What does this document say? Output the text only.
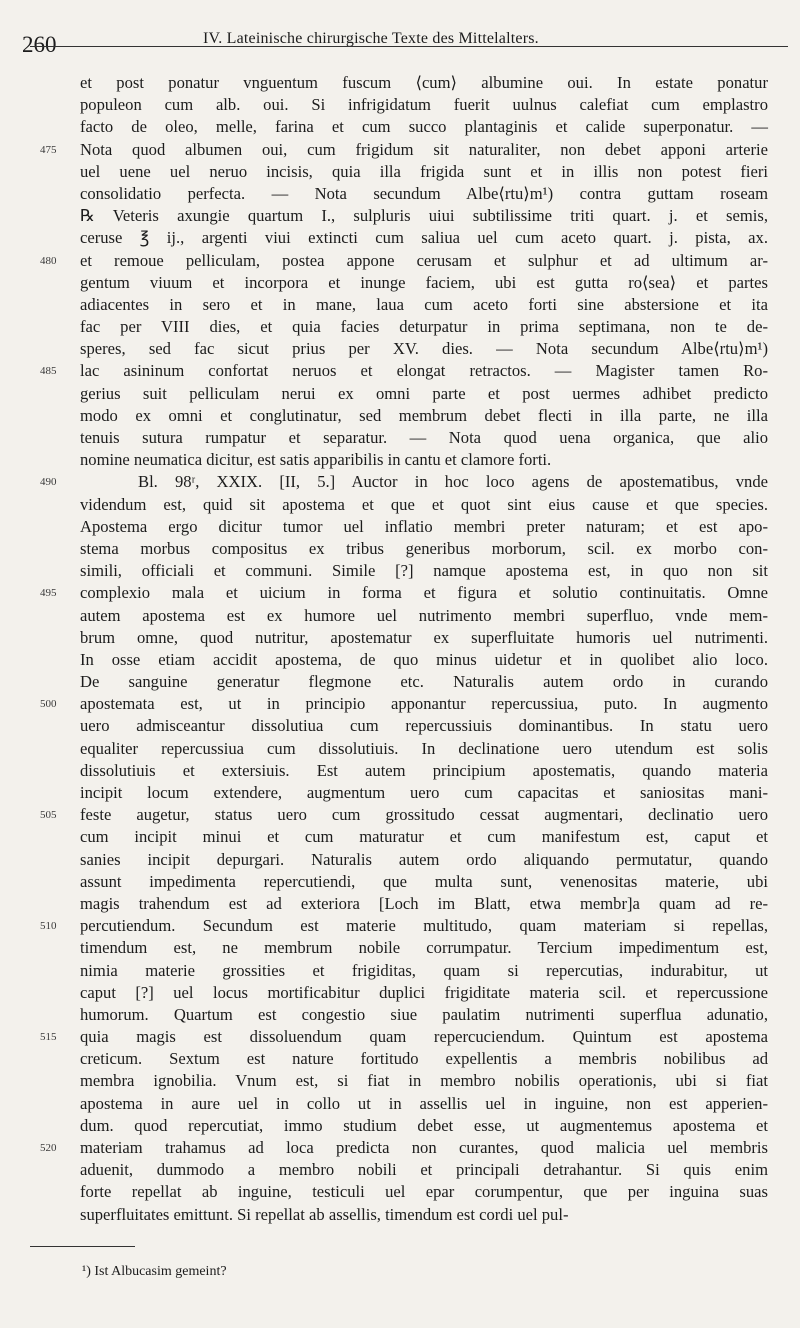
260	IV. Lateinische chirurgische Texte des Mittelalters.
et post ponatur vnguentum fuscum ⟨cum⟩ albumine oui. In estate ponatur
populeon cum alb. oui. Si infrigidatum fuerit uulnus calefiat cum emplastro
facto de oleo, melle, farina et cum succo plantaginis et calide superponatur. —
475	Nota quod albumen oui, cum frigidum sit naturaliter, non debet apponi arterie
uel uene uel neruo incisis, quia illa frigida sunt et in illis non potest fieri
consolidatio perfecta. — Nota secundum Albe⟨rtu⟩m¹) contra guttam roseam
℞ Veteris axungie quartum I., sulpluris uiui subtilissime triti quart. j. et semis,
ceruse ℥ ij., argenti viui extincti cum saliua uel cum aceto quart. j. pista, ax.
480	et remoue pelliculam, postea appone cerusam et sulphur et ad ultimum ar-
gentum viuum et incorpora et inunge faciem, ubi est gutta ro⟨sea⟩ et partes
adiacentes in sero et in mane, laua cum aceto forti sine abstersione et ita
fac per VIII dies, et quia facies deturpatur in prima septimana, non te de-
speres, sed fac sicut prius per XV. dies. — Nota secundum Albe⟨rtu⟩m¹)
485	lac asininum confortat neruos et elongat retractos. — Magister tamen Ro-
gerius suit pelliculam nerui ex omni parte et post uermes adhibet predicto
modo ex omni et conglutinatur, sed membrum debet flecti in illa parte, ne illa
tenuis sutura rumpatur et separatur. — Nota quod uena organica, que alio
nomine neumatica dicitur, est satis apparibilis in cantu et clamore forti.
490	Bl. 98ʳ, XXIX. [II, 5.] Auctor in hoc loco agens de apostematibus, vnde
videndum est, quid sit apostema et que et quot sint eius cause et que species.
Apostema ergo dicitur tumor uel inflatio membri preter naturam; et est apo-
stema morbus compositus ex tribus generibus morborum, scil. ex morbo con-
simili, officiali et communi. Simile [?] namque apostema est, in quo non sit
495	complexio mala et uicium in forma et figura et solutio continuitatis. Omne
autem apostema est ex humore uel nutrimento membri superfluo, vnde mem-
brum omne, quod nutritur, apostematur ex superfluitate humoris uel nutrimenti.
In osse etiam accidit apostema, de quo minus uidetur et in quolibet alio loco.
De sanguine generatur flegmone etc. Naturalis autem ordo in curando
500	apostemata est, ut in principio apponantur repercussiua, puto. In augmento
uero admisceantur dissolutiua cum repercussiuis dominantibus. In statu uero
equaliter repercussiua cum dissolutiuis. In declinatione uero utendum est solis
dissolutiuis et extersiuis. Est autem principium apostematis, quando materia
incipit locum extendere, augmentum uero cum capacitas et saniositas mani-
505	feste augetur, status uero cum grossitudo cessat augmentari, declinatio uero
cum incipit minui et cum maturatur et cum manifestum est, caput et
sanies incipit depurgari. Naturalis autem ordo aliquando permutatur, quando
assunt impedimenta repercutiendi, que multa sunt, venenositas materie, ubi
magis trahendum est ad exteriora [Loch im Blatt, etwa membr]a quam ad re-
510	percutiendum. Secundum est materie multitudo, quam materiam si repellas,
timendum est, ne membrum nobile corrumpatur. Tercium impedimentum est,
nimia materie grossities et frigiditas, quam si repercutias, indurabitur, ut
caput [?] uel locus mortificabitur duplici frigiditate materia scil. et repercussione
humorum. Quartum est congestio siue paulatim nutrimenti superflua adunatio,
515	quia magis est dissoluendum quam repercuciendum. Quintum est apostema
creticum. Sextum est nature fortitudo expellentis a membris nobilibus ad
membra ignobilia. Vnum est, si fiat in membro nobilis operationis, ubi si fiat
apostema in aure uel in collo ut in assellis uel in inguine, non est apperien-
dum. quod repercutiat, immo studium debet esse, ut augmentemus apostema et
520	materiam trahamus ad loca predicta non curantes, quod malicia uel membris
aduenit, dummodo a membro nobili et principali detrahantur. Si quis enim
forte repellat ab inguine, testiculi uel epar corumpentur, que per inguina suas
superfluitates emittunt. Si repellat ab assellis, timendum est cordi uel pul-
¹) Ist Albucasim gemeint?
